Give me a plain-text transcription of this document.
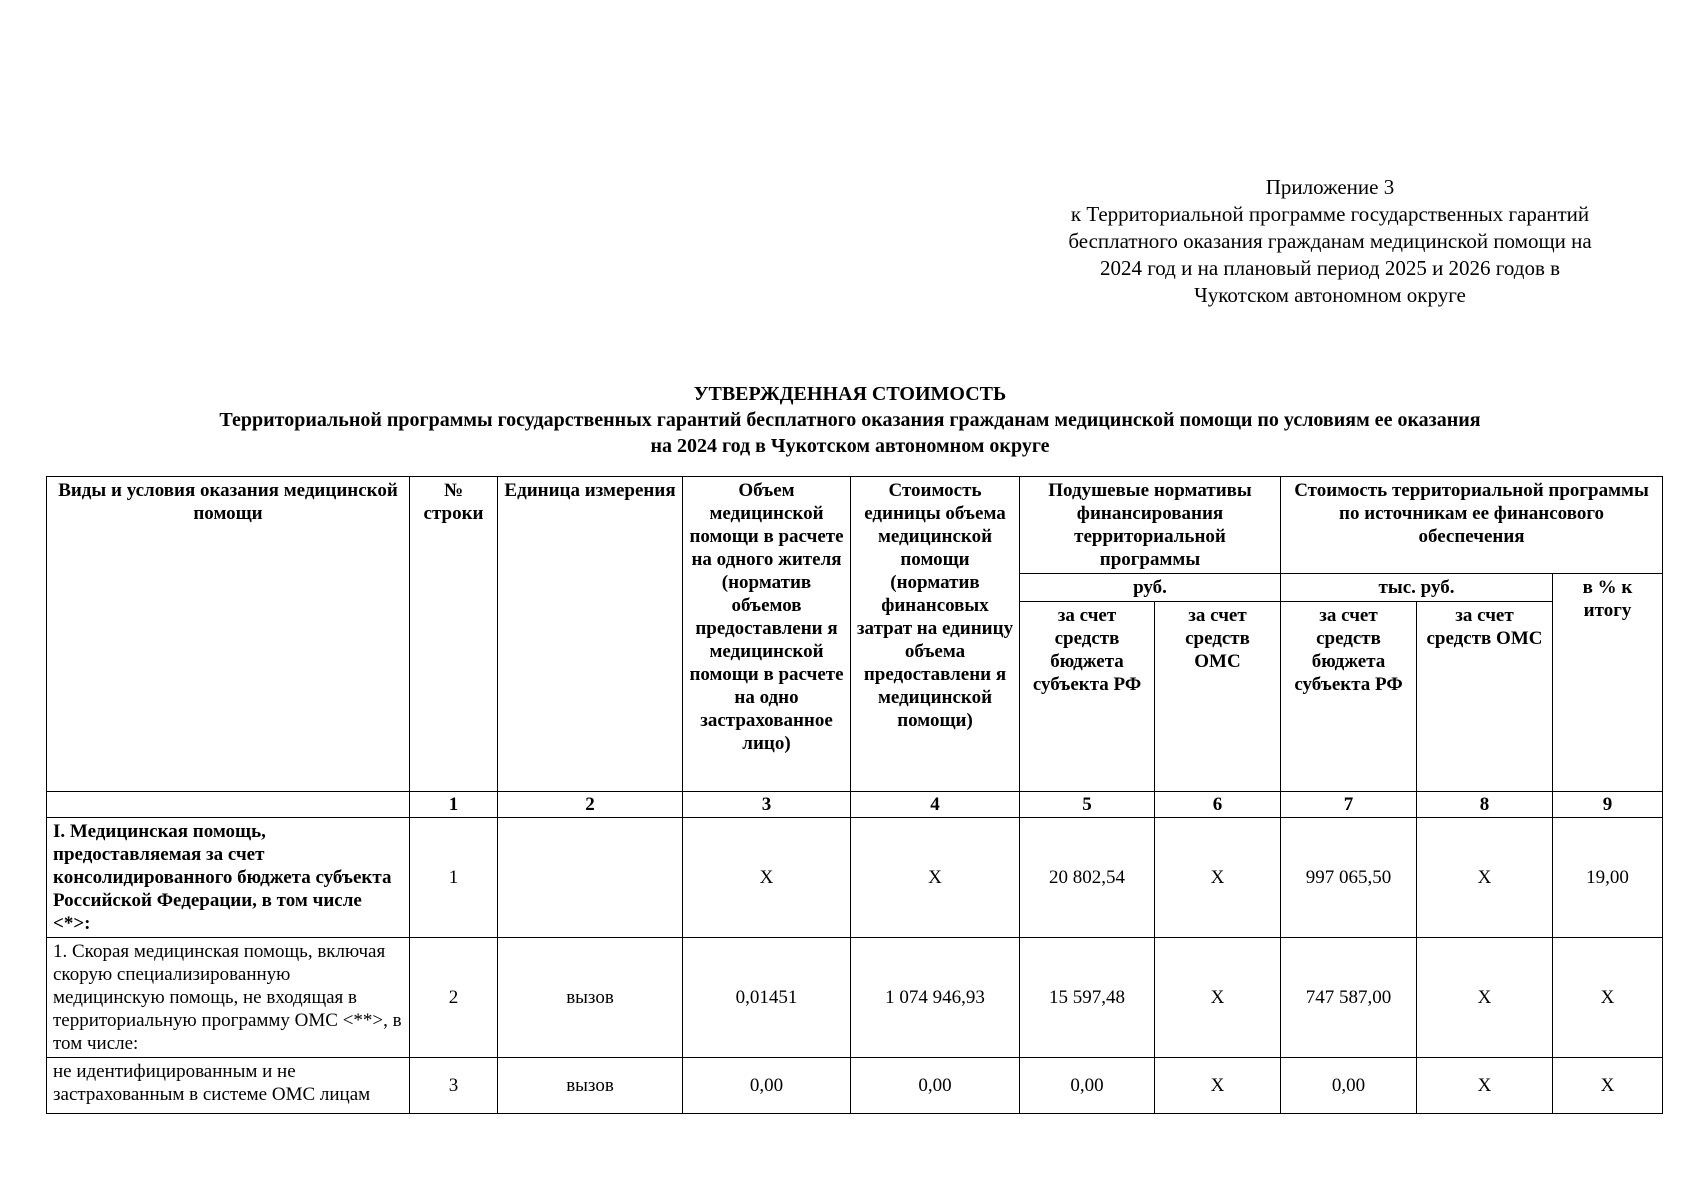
Приложение 3
к Территориальной программе государственных гарантий
бесплатного оказания гражданам медицинской помощи на
2024 год и на плановый период 2025 и 2026 годов в
Чукотском автономном округе
УТВЕРЖДЕННАЯ СТОИМОСТЬ
Территориальной программы государственных гарантий бесплатного оказания гражданам медицинской помощи по условиям ее оказания
на 2024 год в Чукотском автономном округе
Виды и условия оказания медицинской помощи	№ строки	Единица измерения	Объем медицинской помощи в расчете на одного жителя (норматив объемов предоставлени я медицинской помощи в расчете на одно застрахованное лицо)	Стоимость единицы объема медицинской помощи (норматив финансовых затрат на единицу объема предоставлени я медицинской помощи)	Подушевые нормативы финансирования территориальной программы		Стоимость территориальной программы по источникам ее финансового обеспечения		
					руб.		тыс. руб.		в % к итогу
					за счет средств бюджета субъекта РФ	за счет средств ОМС	за счет средств бюджета субъекта РФ	за счет средств ОМС	
	1	2	3	4	5	6	7	8	9
I. Медицинская помощь, предоставляемая за счет консолидированного бюджета субъекта Российской Федерации, в том числе <*>:	1		X	X	20 802,54	X	997 065,50	X	19,00
1. Скорая медицинская помощь, включая скорую специализированную медицинскую помощь, не входящая в территориальную программу ОМС <**>, в том числе:	2	вызов	0,01451	1 074 946,93	15 597,48	X	747 587,00	X	X
не идентифицированным и не застрахованным в системе ОМС лицам	3	вызов	0,00	0,00	0,00	X	0,00	X	X
